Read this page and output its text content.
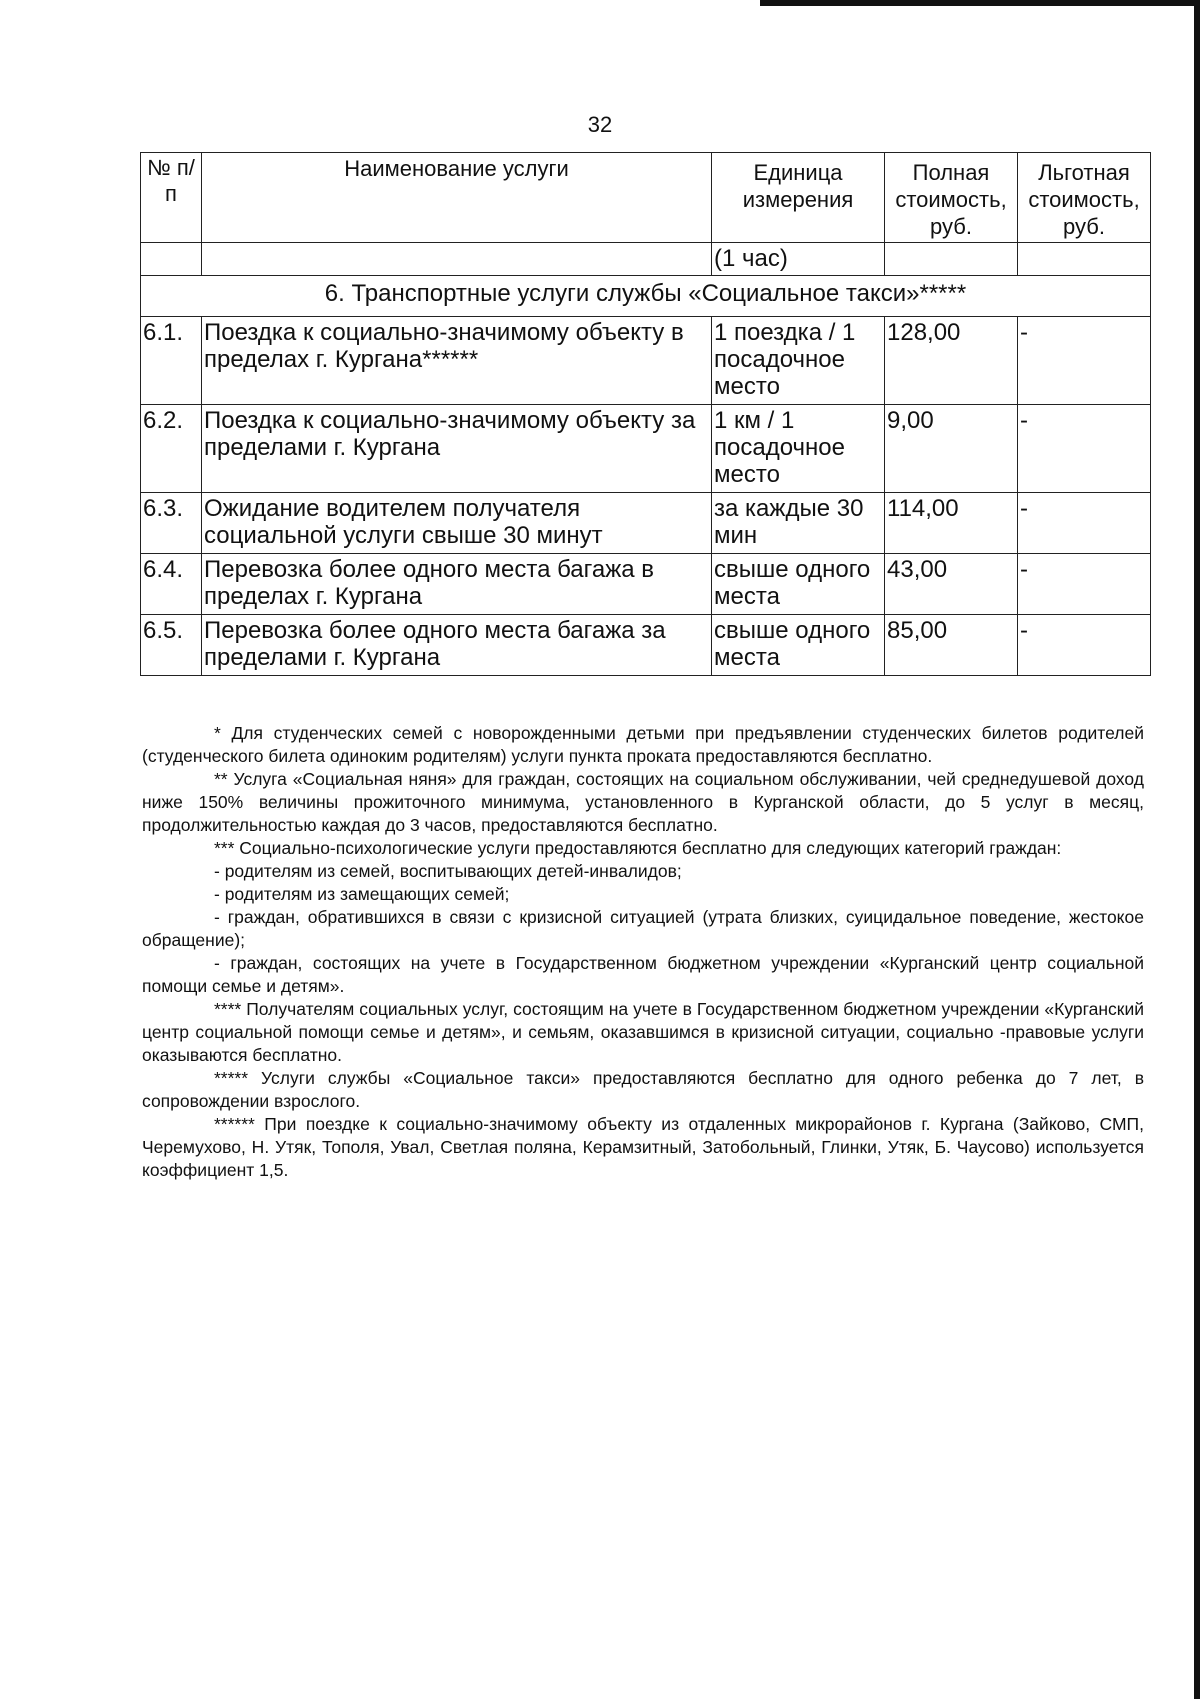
32
№ п/п	Наименование услуги	Единица измерения	Полная стоимость, руб.	Льготная стоимость, руб.
		(1 час)		
6. Транспортные услуги службы «Социальное такси»*****				
6.1.	Поездка к социально-значимому объекту в пределах г. Кургана******	1 поездка / 1 посадочное место	128,00	-
6.2.	Поездка к социально-значимому объекту за пределами г. Кургана	1 км / 1 посадочное место	9,00	-
6.3.	Ожидание водителем получателя социальной услуги свыше 30 минут	за каждые 30 мин	114,00	-
6.4.	Перевозка более одного места багажа в пределах г. Кургана	свыше одного места	43,00	-
6.5.	Перевозка более одного места багажа за пределами г. Кургана	свыше одного места	85,00	-

* Для студенческих семей с новорожденными детьми при предъявлении студенческих билетов родителей (студенческого билета одиноким родителям) услуги пункта проката предоставляются бесплатно.

** Услуга «Социальная няня» для граждан, состоящих на социальном обслуживании, чей среднедушевой доход ниже 150% величины прожиточного минимума, установленного в Курганской области, до 5 услуг в месяц, продолжительностью каждая до 3 часов, предоставляются бесплатно.

*** Социально-психологические услуги предоставляются бесплатно для следующих категорий граждан:

- родителям из семей, воспитывающих детей-инвалидов;

- родителям из замещающих семей;

- граждан, обратившихся в связи с кризисной ситуацией (утрата близких, суицидальное поведение, жестокое обращение);

- граждан, состоящих на учете в Государственном бюджетном учреждении «Курганский центр социальной помощи семье и детям».

**** Получателям социальных услуг, состоящим на учете в Государственном бюджетном учреждении «Курганский центр социальной помощи семье и детям», и семьям, оказавшимся в кризисной ситуации, социально -правовые услуги оказываются бесплатно.

***** Услуги службы «Социальное такси» предоставляются бесплатно для одного ребенка до 7 лет, в сопровождении взрослого.

****** При поездке к социально-значимому объекту из отдаленных микрорайонов г. Кургана (Зайково, СМП, Черемухово, Н. Утяк, Тополя, Увал, Светлая поляна, Керамзитный, Затобольный, Глинки, Утяк, Б. Чаусово) используется коэффициент 1,5.
